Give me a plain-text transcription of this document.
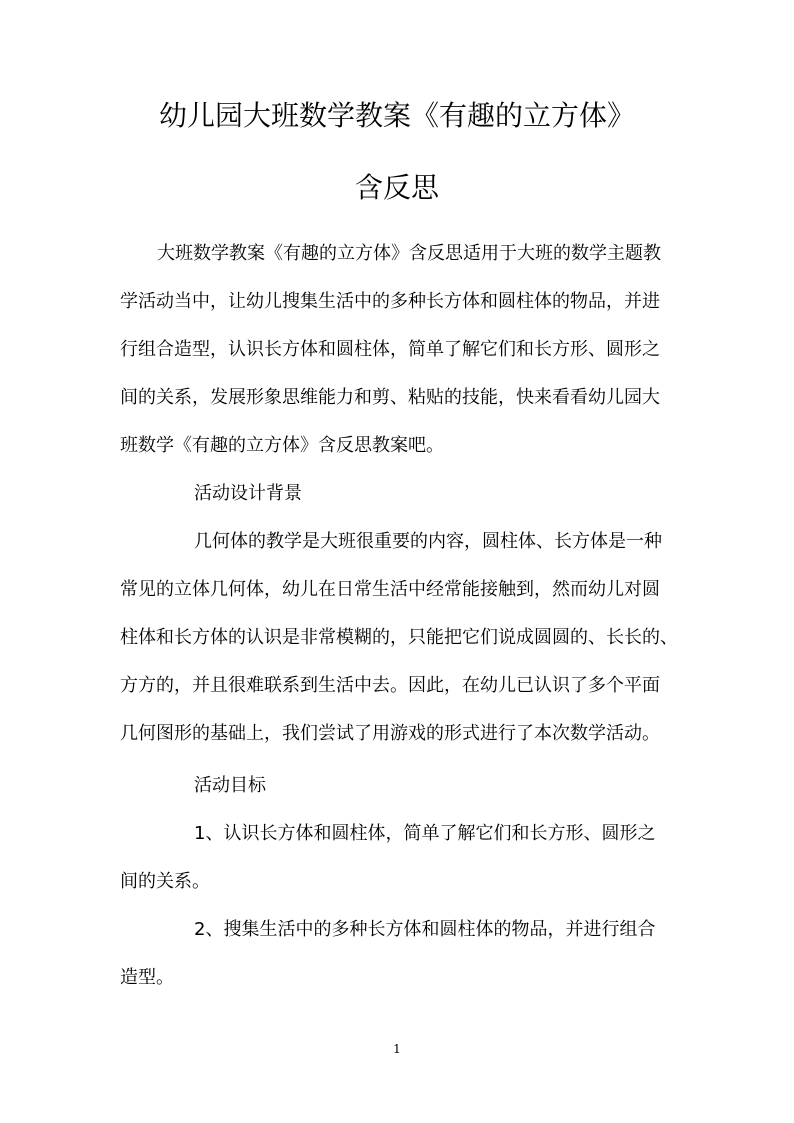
幼儿园大班数学教案《有趣的立方体》
含反思
大班数学教案《有趣的立方体》含反思适用于大班的数学主题教
学活动当中，让幼儿搜集生活中的多种长方体和圆柱体的物品，并进
行组合造型，认识长方体和圆柱体，简单了解它们和长方形、圆形之
间的关系，发展形象思维能力和剪、粘贴的技能，快来看看幼儿园大
班数学《有趣的立方体》含反思教案吧。
活动设计背景
几何体的教学是大班很重要的内容，圆柱体、长方体是一种
常见的立体几何体，幼儿在日常生活中经常能接触到，然而幼儿对圆
柱体和长方体的认识是非常模糊的，只能把它们说成圆圆的、长长的、
方方的，并且很难联系到生活中去。因此，在幼儿已认识了多个平面
几何图形的基础上，我们尝试了用游戏的形式进行了本次数学活动。
活动目标
1、认识长方体和圆柱体，简单了解它们和长方形、圆形之
间的关系。
2、搜集生活中的多种长方体和圆柱体的物品，并进行组合
造型。
1
